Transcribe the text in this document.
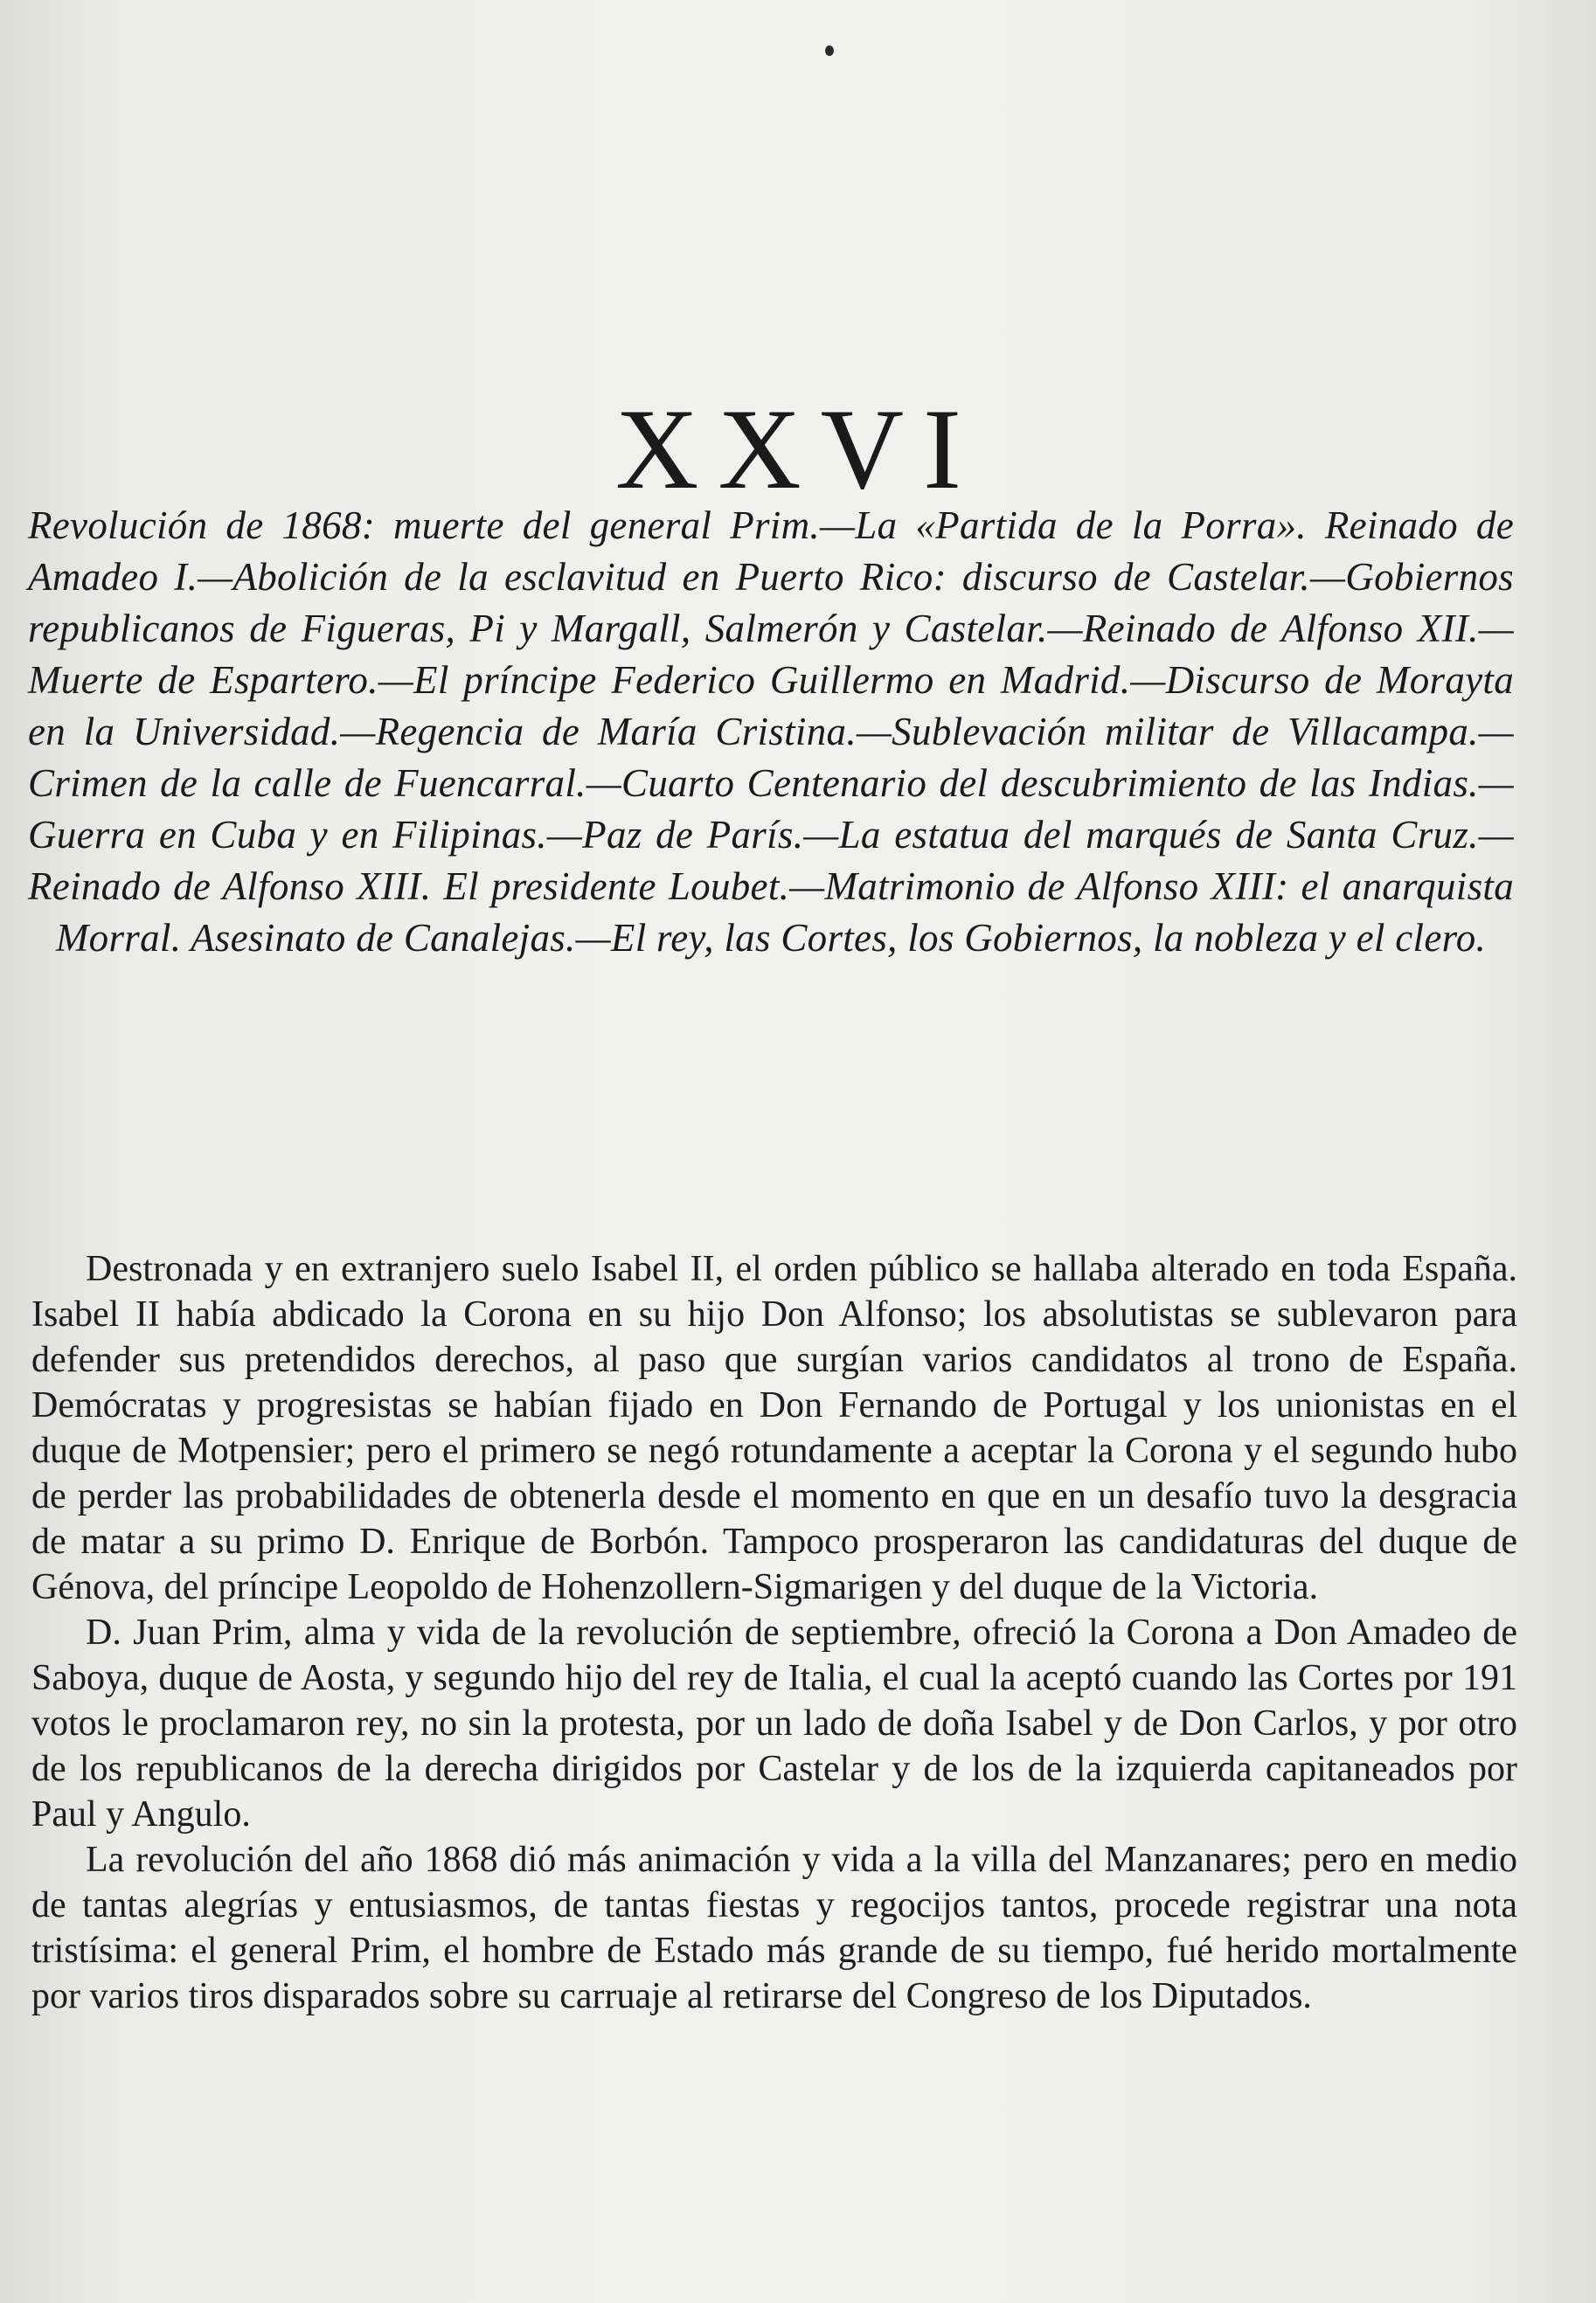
XXVI
Revolución de 1868: muerte del general Prim.—La «Partida de la Porra». Reinado de Amadeo I.—Abolición de la esclavitud en Puerto Rico: discurso de Castelar.—Gobiernos republicanos de Figueras, Pi y Margall, Salmerón y Castelar.—Reinado de Alfonso XII.—Muerte de Espartero.—El príncipe Federico Guillermo en Madrid.—Discurso de Morayta en la Universidad.—Regencia de María Cristina.—Sublevación militar de Villacampa.—Crimen de la calle de Fuencarral.—Cuarto Centenario del descubrimiento de las Indias.—Guerra en Cuba y en Filipinas.—Paz de París.—La estatua del marqués de Santa Cruz.—Reinado de Alfonso XIII. El presidente Loubet.—Matrimonio de Alfonso XIII: el anarquista Morral. Asesinato de Canalejas.—El rey, las Cortes, los Gobiernos, la nobleza y el clero.

Destronada y en extranjero suelo Isabel II, el orden público se hallaba alterado en toda España. Isabel II había abdicado la Corona en su hijo Don Alfonso; los absolutistas se sublevaron para defender sus pretendidos derechos, al paso que surgían varios candidatos al trono de España. Demócratas y progresistas se habían fijado en Don Fernando de Portugal y los unionistas en el duque de Motpensier; pero el primero se negó rotundamente a aceptar la Corona y el segundo hubo de perder las probabilidades de obtenerla desde el momento en que en un desafío tuvo la desgracia de matar a su primo D. Enrique de Borbón. Tampoco prosperaron las candidaturas del duque de Génova, del príncipe Leopoldo de Hohenzollern-Sigmarigen y del duque de la Victoria.

D. Juan Prim, alma y vida de la revolución de septiembre, ofreció la Corona a Don Amadeo de Saboya, duque de Aosta, y segundo hijo del rey de Italia, el cual la aceptó cuando las Cortes por 191 votos le proclamaron rey, no sin la protesta, por un lado de doña Isabel y de Don Carlos, y por otro de los republicanos de la derecha dirigidos por Castelar y de los de la izquierda capitaneados por Paul y Angulo.

La revolución del año 1868 dió más animación y vida a la villa del Manzanares; pero en medio de tantas alegrías y entusiasmos, de tantas fiestas y regocijos tantos, procede registrar una nota tristísima: el general Prim, el hombre de Estado más grande de su tiempo, fué herido mortalmente por varios tiros disparados sobre su carruaje al retirarse del Congreso de los Diputados.
